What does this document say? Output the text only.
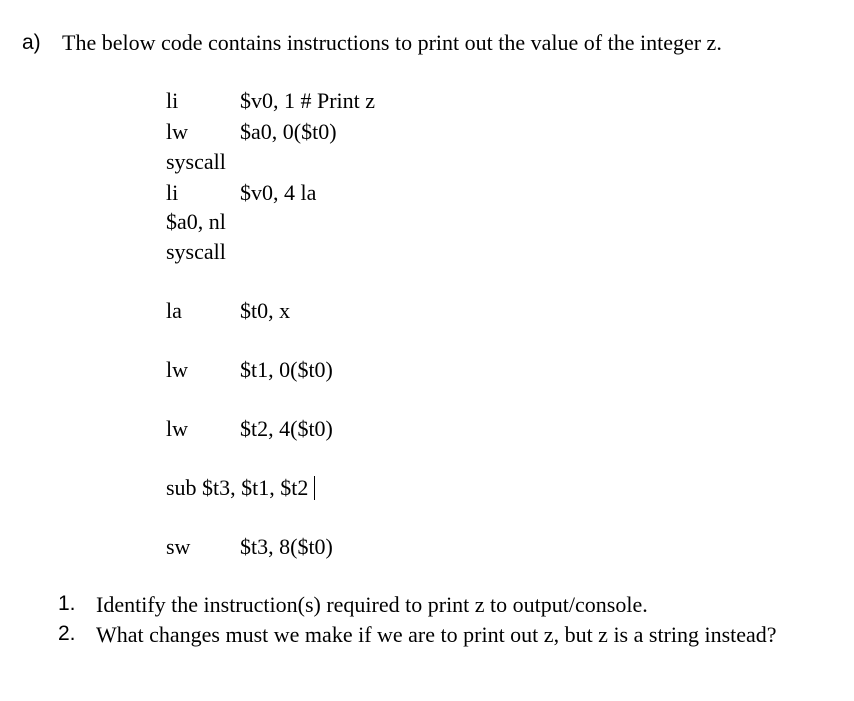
a) The below code contains instructions to print out the value of the integer z.
li	$v0, 1 # Print z
lw $a0, 0($t0)
syscall
li	$v0, 4 la
$a0, nl
syscall
la	$t0, x
lw $t1, 0($t0)
lw $t2, 4($t0)
sub $t3, $t1, $t2
sw $t3, 8($t0)
1. Identify the instruction(s) required to print z to output/console.
2. What changes must we make if we are to print out z, but z is a string instead?
